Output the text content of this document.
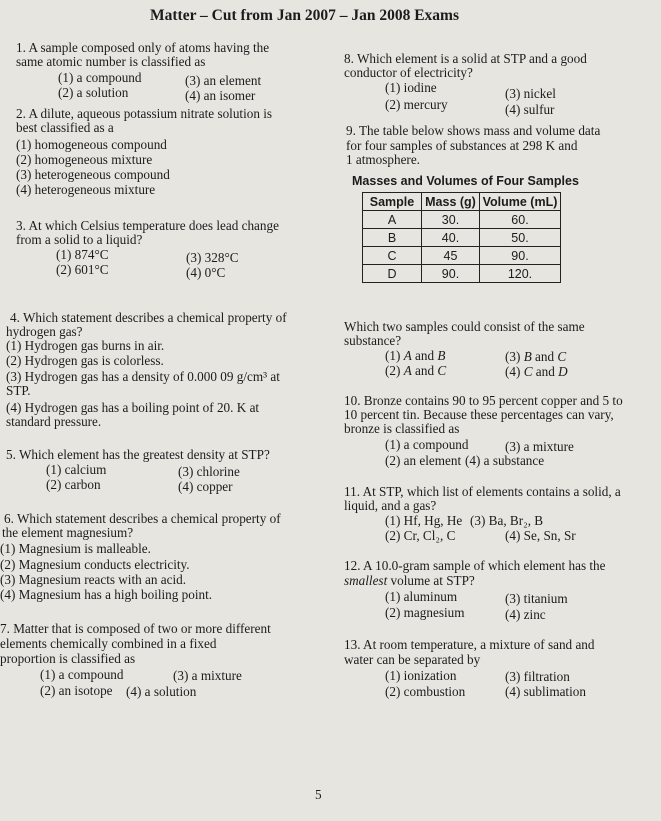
Matter – Cut from Jan 2007 – Jan 2008 Exams
1. A sample composed only of atoms having the
same atomic number is classified as
(1) a compound	(3) an element
(2) a solution	(4) an isomer
2. A dilute, aqueous potassium nitrate solution is
best classified as a
(1) homogeneous compound
(2) homogeneous mixture
(3) heterogeneous compound
(4) heterogeneous mixture
3. At which Celsius temperature does lead change
from a solid to a liquid?
(1) 874°C	(3) 328°C
(2) 601°C	(4) 0°C
4. Which statement describes a chemical property of
hydrogen gas?
(1) Hydrogen gas burns in air.
(2) Hydrogen gas is colorless.
(3) Hydrogen gas has a density of 0.000 09 g/cm³ at
STP.
(4) Hydrogen gas has a boiling point of 20. K at
standard pressure.
5. Which element has the greatest density at STP?
(1) calcium	(3) chlorine
(2) carbon	(4) copper
6. Which statement describes a chemical property of
the element magnesium?
(1) Magnesium is malleable.
(2) Magnesium conducts electricity.
(3) Magnesium reacts with an acid.
(4) Magnesium has a high boiling point.
7. Matter that is composed of two or more different
elements chemically combined in a fixed
proportion is classified as
(1) a compound	(3) a mixture
(2) an isotope (4) a solution
8. Which element is a solid at STP and a good
conductor of electricity?
(1) iodine	(3) nickel
(2) mercury	(4) sulfur
9. The table below shows mass and volume data
for four samples of substances at 298 K and
1 atmosphere.
Masses and Volumes of Four Samples
Sample	Mass (g)	Volume (mL)
A	30.	60.
B	40.	50.
C	45	90.
D	90.	120.
Which two samples could consist of the same
substance?
(1) A and B	(3) B and C
(2) A and C	(4) C and D
10. Bronze contains 90 to 95 percent copper and 5 to
10 percent tin. Because these percentages can vary,
bronze is classified as
(1) a compound	(3) a mixture
(2) an element (4) a substance
11. At STP, which list of elements contains a solid, a
liquid, and a gas?
(1) Hf, Hg, He (3) Ba, Br₂, B
(2) Cr, Cl₂, C	(4) Se, Sn, Sr
12. A 10.0-gram sample of which element has the
smallest volume at STP?
(1) aluminum	(3) titanium
(2) magnesium	(4) zinc
13. At room temperature, a mixture of sand and
water can be separated by
(1) ionization	(3) filtration
(2) combustion	(4) sublimation
5
